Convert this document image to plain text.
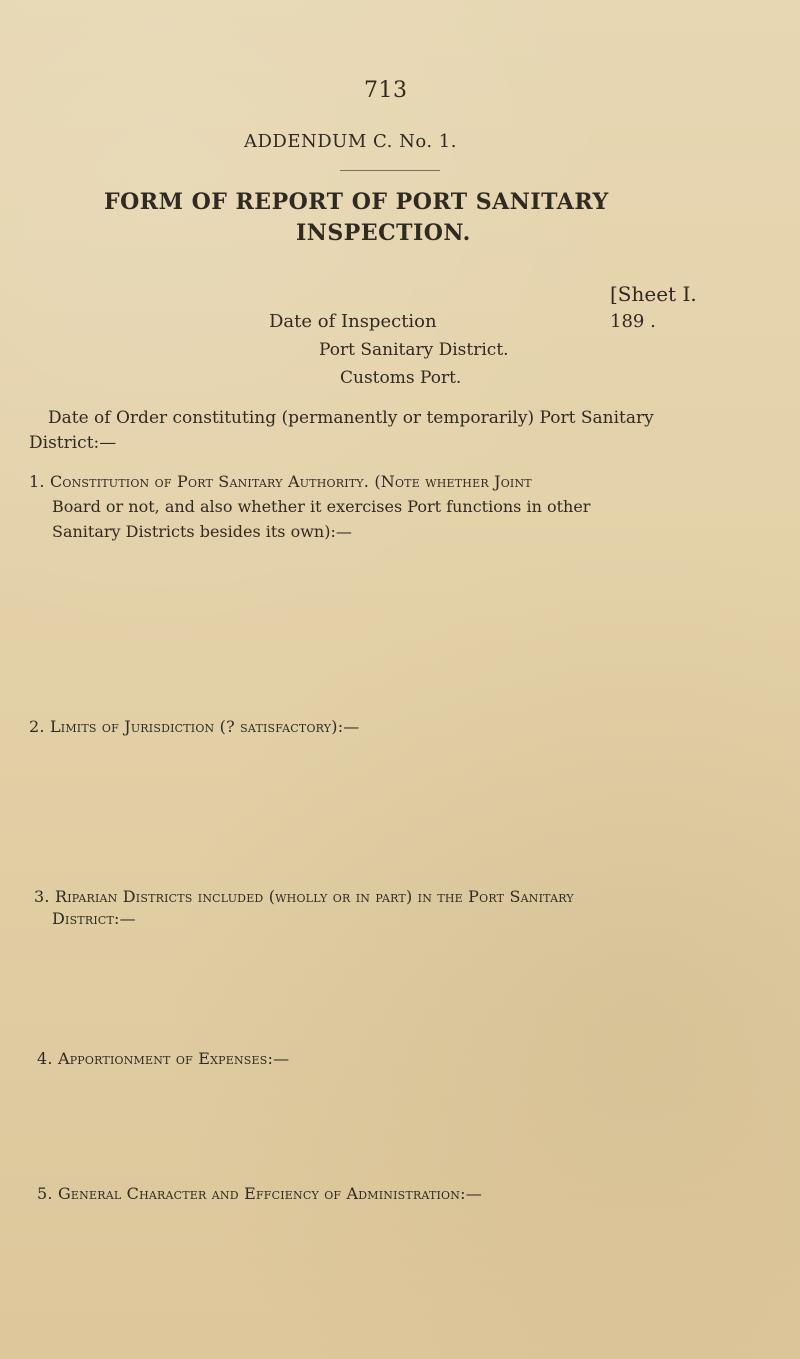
713
ADDENDUM C. No. 1.
FORM OF REPORT OF PORT SANITARY
INSPECTION.
[Sheet I.
Date of Inspection	189 .
Port Sanitary District.
Customs Port.
Date of Order constituting (permanently or temporarily) Port Sanitary
District:—
1. Constitution of Port Sanitary Authority. (Note whether Joint
Board or not, and also whether it exercises Port functions in other
Sanitary Districts besides its own):—
2. Limits of Jurisdiction (? satisfactory):—
3. Riparian Districts included (wholly or in part) in the Port Sanitary
District:—
4. Apportionment of Expenses:—
5. General Character and Effciency of Administration:—
